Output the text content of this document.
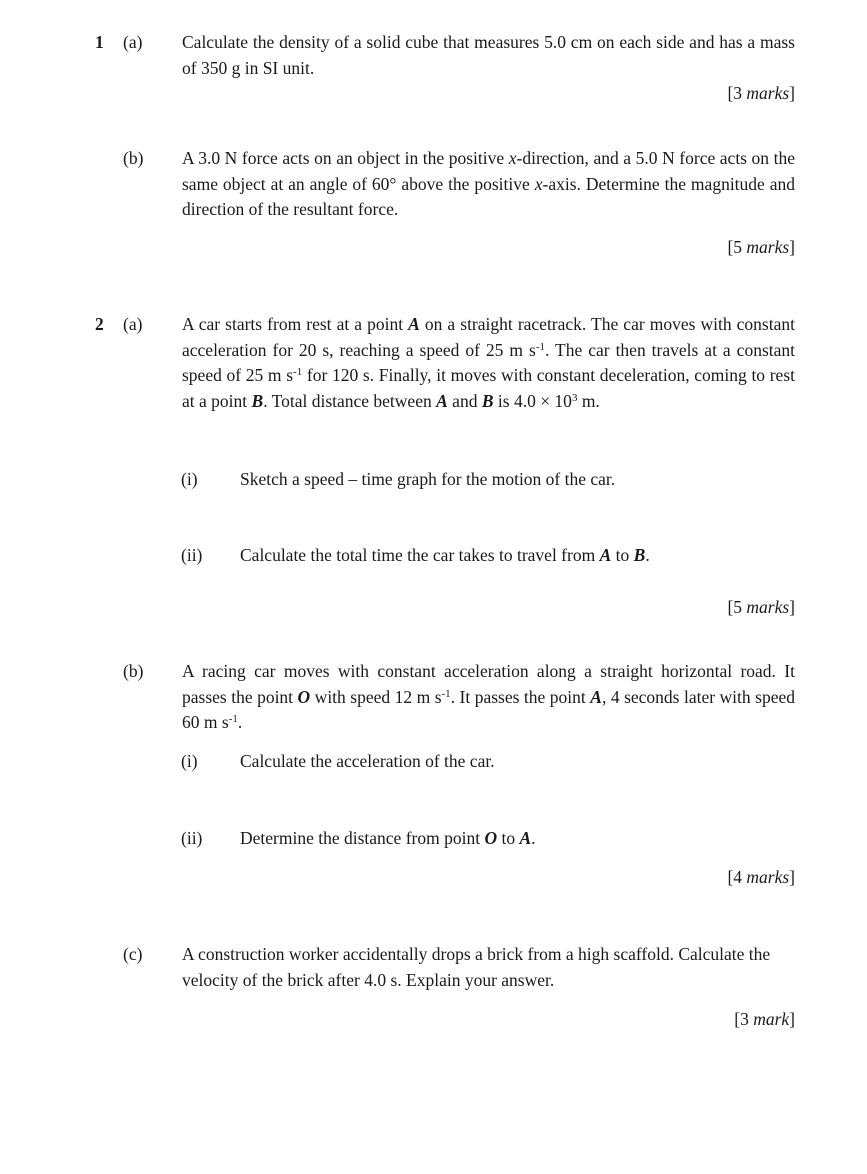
1 (a) Calculate the density of a solid cube that measures 5.0 cm on each side and has a mass of 350 g in SI unit.
[3 marks]
(b) A 3.0 N force acts on an object in the positive x-direction, and a 5.0 N force acts on the same object at an angle of 60° above the positive x-axis. Determine the magnitude and direction of the resultant force.
[5 marks]
2 (a) A car starts from rest at a point A on a straight racetrack. The car moves with constant acceleration for 20 s, reaching a speed of 25 m $s^{-1}$. The car then travels at a constant speed of 25 m $s^{-1}$ for 120 s. Finally, it moves with constant deceleration, coming to rest at a point B. Total distance between A and B is $4.0 \times 10^3$ m.
(i) Sketch a speed – time graph for the motion of the car.
(ii) Calculate the total time the car takes to travel from A to B.
[5 marks]
(b) A racing car moves with constant acceleration along a straight horizontal road. It passes the point O with speed 12 m $s^{-1}$. It passes the point A, 4 seconds later with speed 60 m $s^{-1}$.
(i) Calculate the acceleration of the car.
(ii) Determine the distance from point O to A.
[4 marks]
(c) A construction worker accidentally drops a brick from a high scaffold. Calculate the velocity of the brick after 4.0 s. Explain your answer.
[3 mark]
